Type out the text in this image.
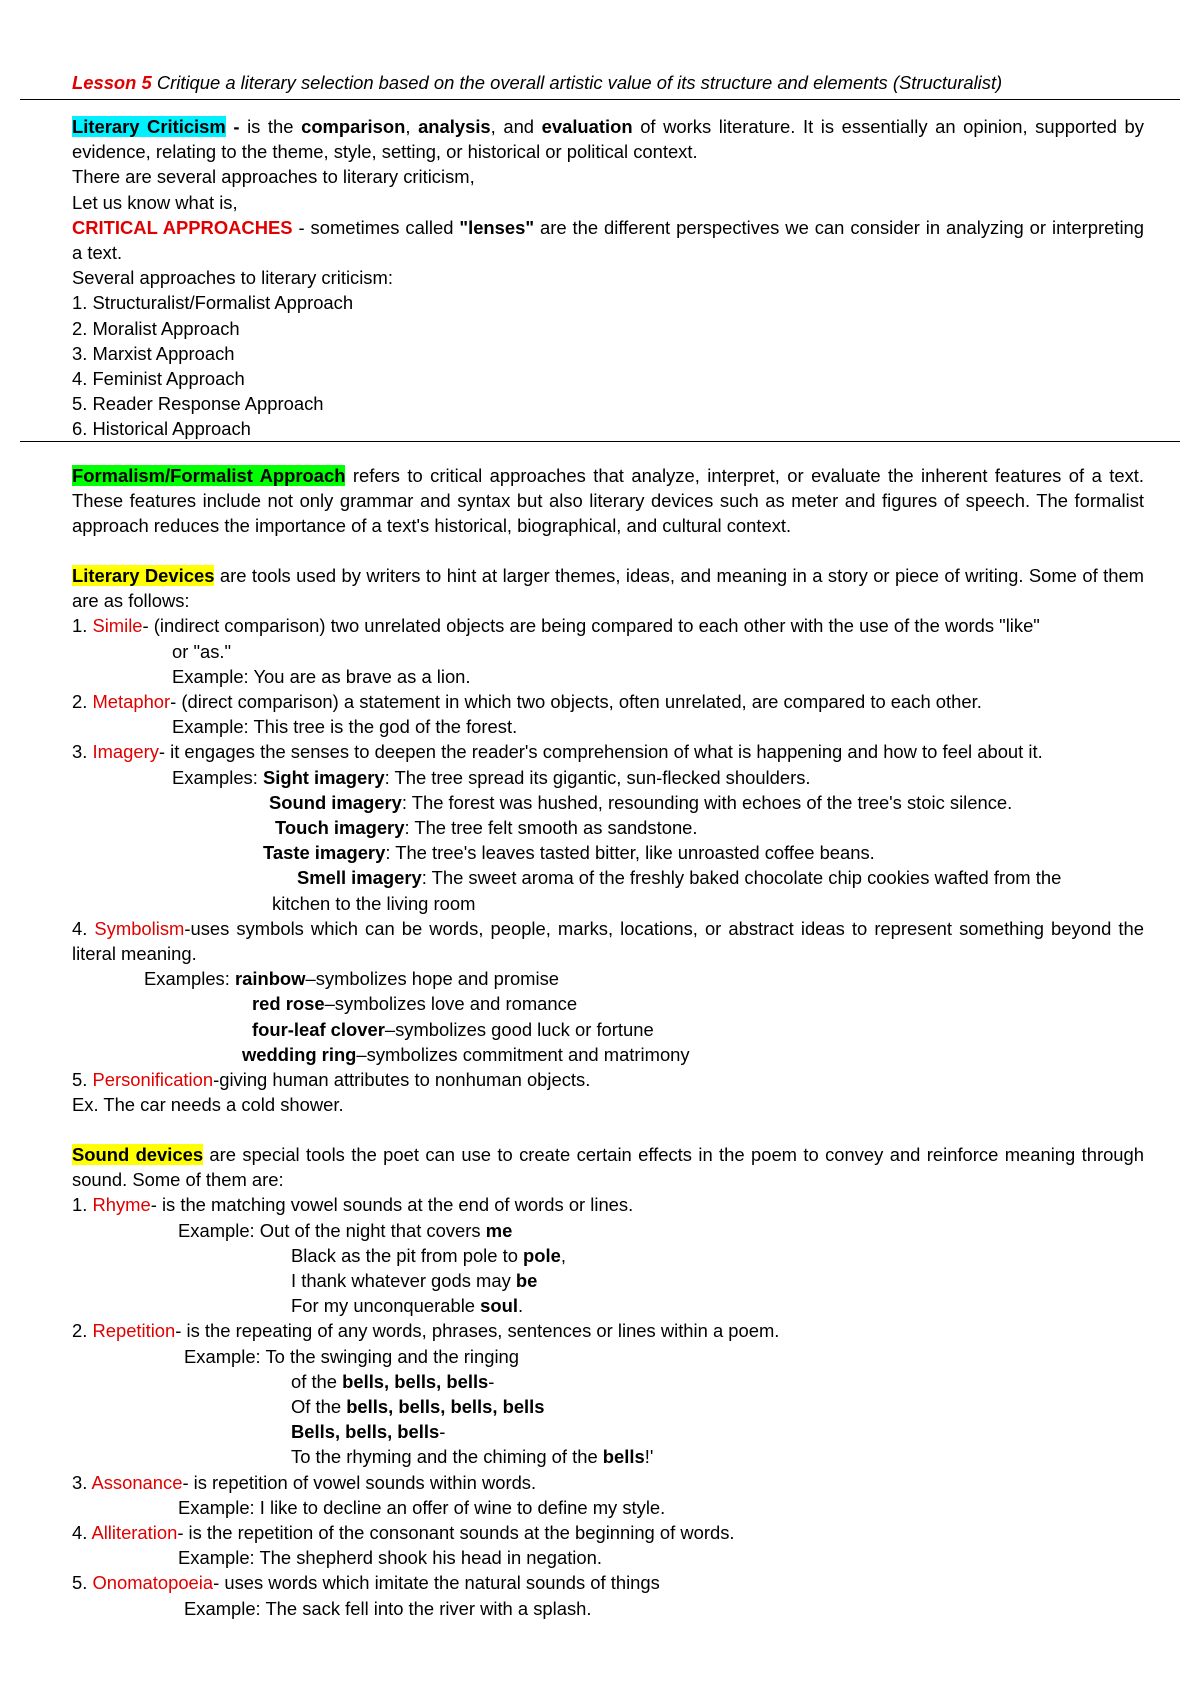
Lesson 5 Critique a literary selection based on the overall artistic value of its structure and elements (Structuralist)
Literary Criticism - is the comparison, analysis, and evaluation of works literature. It is essentially an opinion, supported by evidence, relating to the theme, style, setting, or historical or political context.
There are several approaches to literary criticism,
Let us know what is,
CRITICAL APPROACHES - sometimes called "lenses" are the different perspectives we can consider in analyzing or interpreting a text.
Several approaches to literary criticism:
1. Structuralist/Formalist Approach
2. Moralist Approach
3. Marxist Approach
4. Feminist Approach
5. Reader Response Approach
6. Historical Approach
Formalism/Formalist Approach refers to critical approaches that analyze, interpret, or evaluate the inherent features of a text. These features include not only grammar and syntax but also literary devices such as meter and figures of speech. The formalist approach reduces the importance of a text's historical, biographical, and cultural context.
Literary Devices are tools used by writers to hint at larger themes, ideas, and meaning in a story or piece of writing. Some of them are as follows:
1. Simile- (indirect comparison) two unrelated objects are being compared to each other with the use of the words "like"
or "as."
Example: You are as brave as a lion.
2. Metaphor- (direct comparison) a statement in which two objects, often unrelated, are compared to each other.
Example: This tree is the god of the forest.
3. Imagery- it engages the senses to deepen the reader's comprehension of what is happening and how to feel about it.
Examples: Sight imagery: The tree spread its gigantic, sun-flecked shoulders.
Sound imagery: The forest was hushed, resounding with echoes of the tree's stoic silence.
Touch imagery: The tree felt smooth as sandstone.
Taste imagery: The tree's leaves tasted bitter, like unroasted coffee beans.
Smell imagery: The sweet aroma of the freshly baked chocolate chip cookies wafted from the
kitchen to the living room
4. Symbolism-uses symbols which can be words, people, marks, locations, or abstract ideas to represent something beyond the literal meaning.
Examples: rainbow–symbolizes hope and promise
red rose–symbolizes love and romance
four-leaf clover–symbolizes good luck or fortune
wedding ring–symbolizes commitment and matrimony
5. Personification-giving human attributes to nonhuman objects.
Ex. The car needs a cold shower.
Sound devices are special tools the poet can use to create certain effects in the poem to convey and reinforce meaning through sound. Some of them are:
1. Rhyme- is the matching vowel sounds at the end of words or lines.
Example: Out of the night that covers me
Black as the pit from pole to pole,
I thank whatever gods may be
For my unconquerable soul.
2. Repetition- is the repeating of any words, phrases, sentences or lines within a poem.
Example: To the swinging and the ringing
of the bells, bells, bells-
Of the bells, bells, bells, bells
Bells, bells, bells-
To the rhyming and the chiming of the bells!'
3. Assonance- is repetition of vowel sounds within words.
Example: I like to decline an offer of wine to define my style.
4. Alliteration- is the repetition of the consonant sounds at the beginning of words.
Example: The shepherd shook his head in negation.
5. Onomatopoeia- uses words which imitate the natural sounds of things
Example: The sack fell into the river with a splash.
